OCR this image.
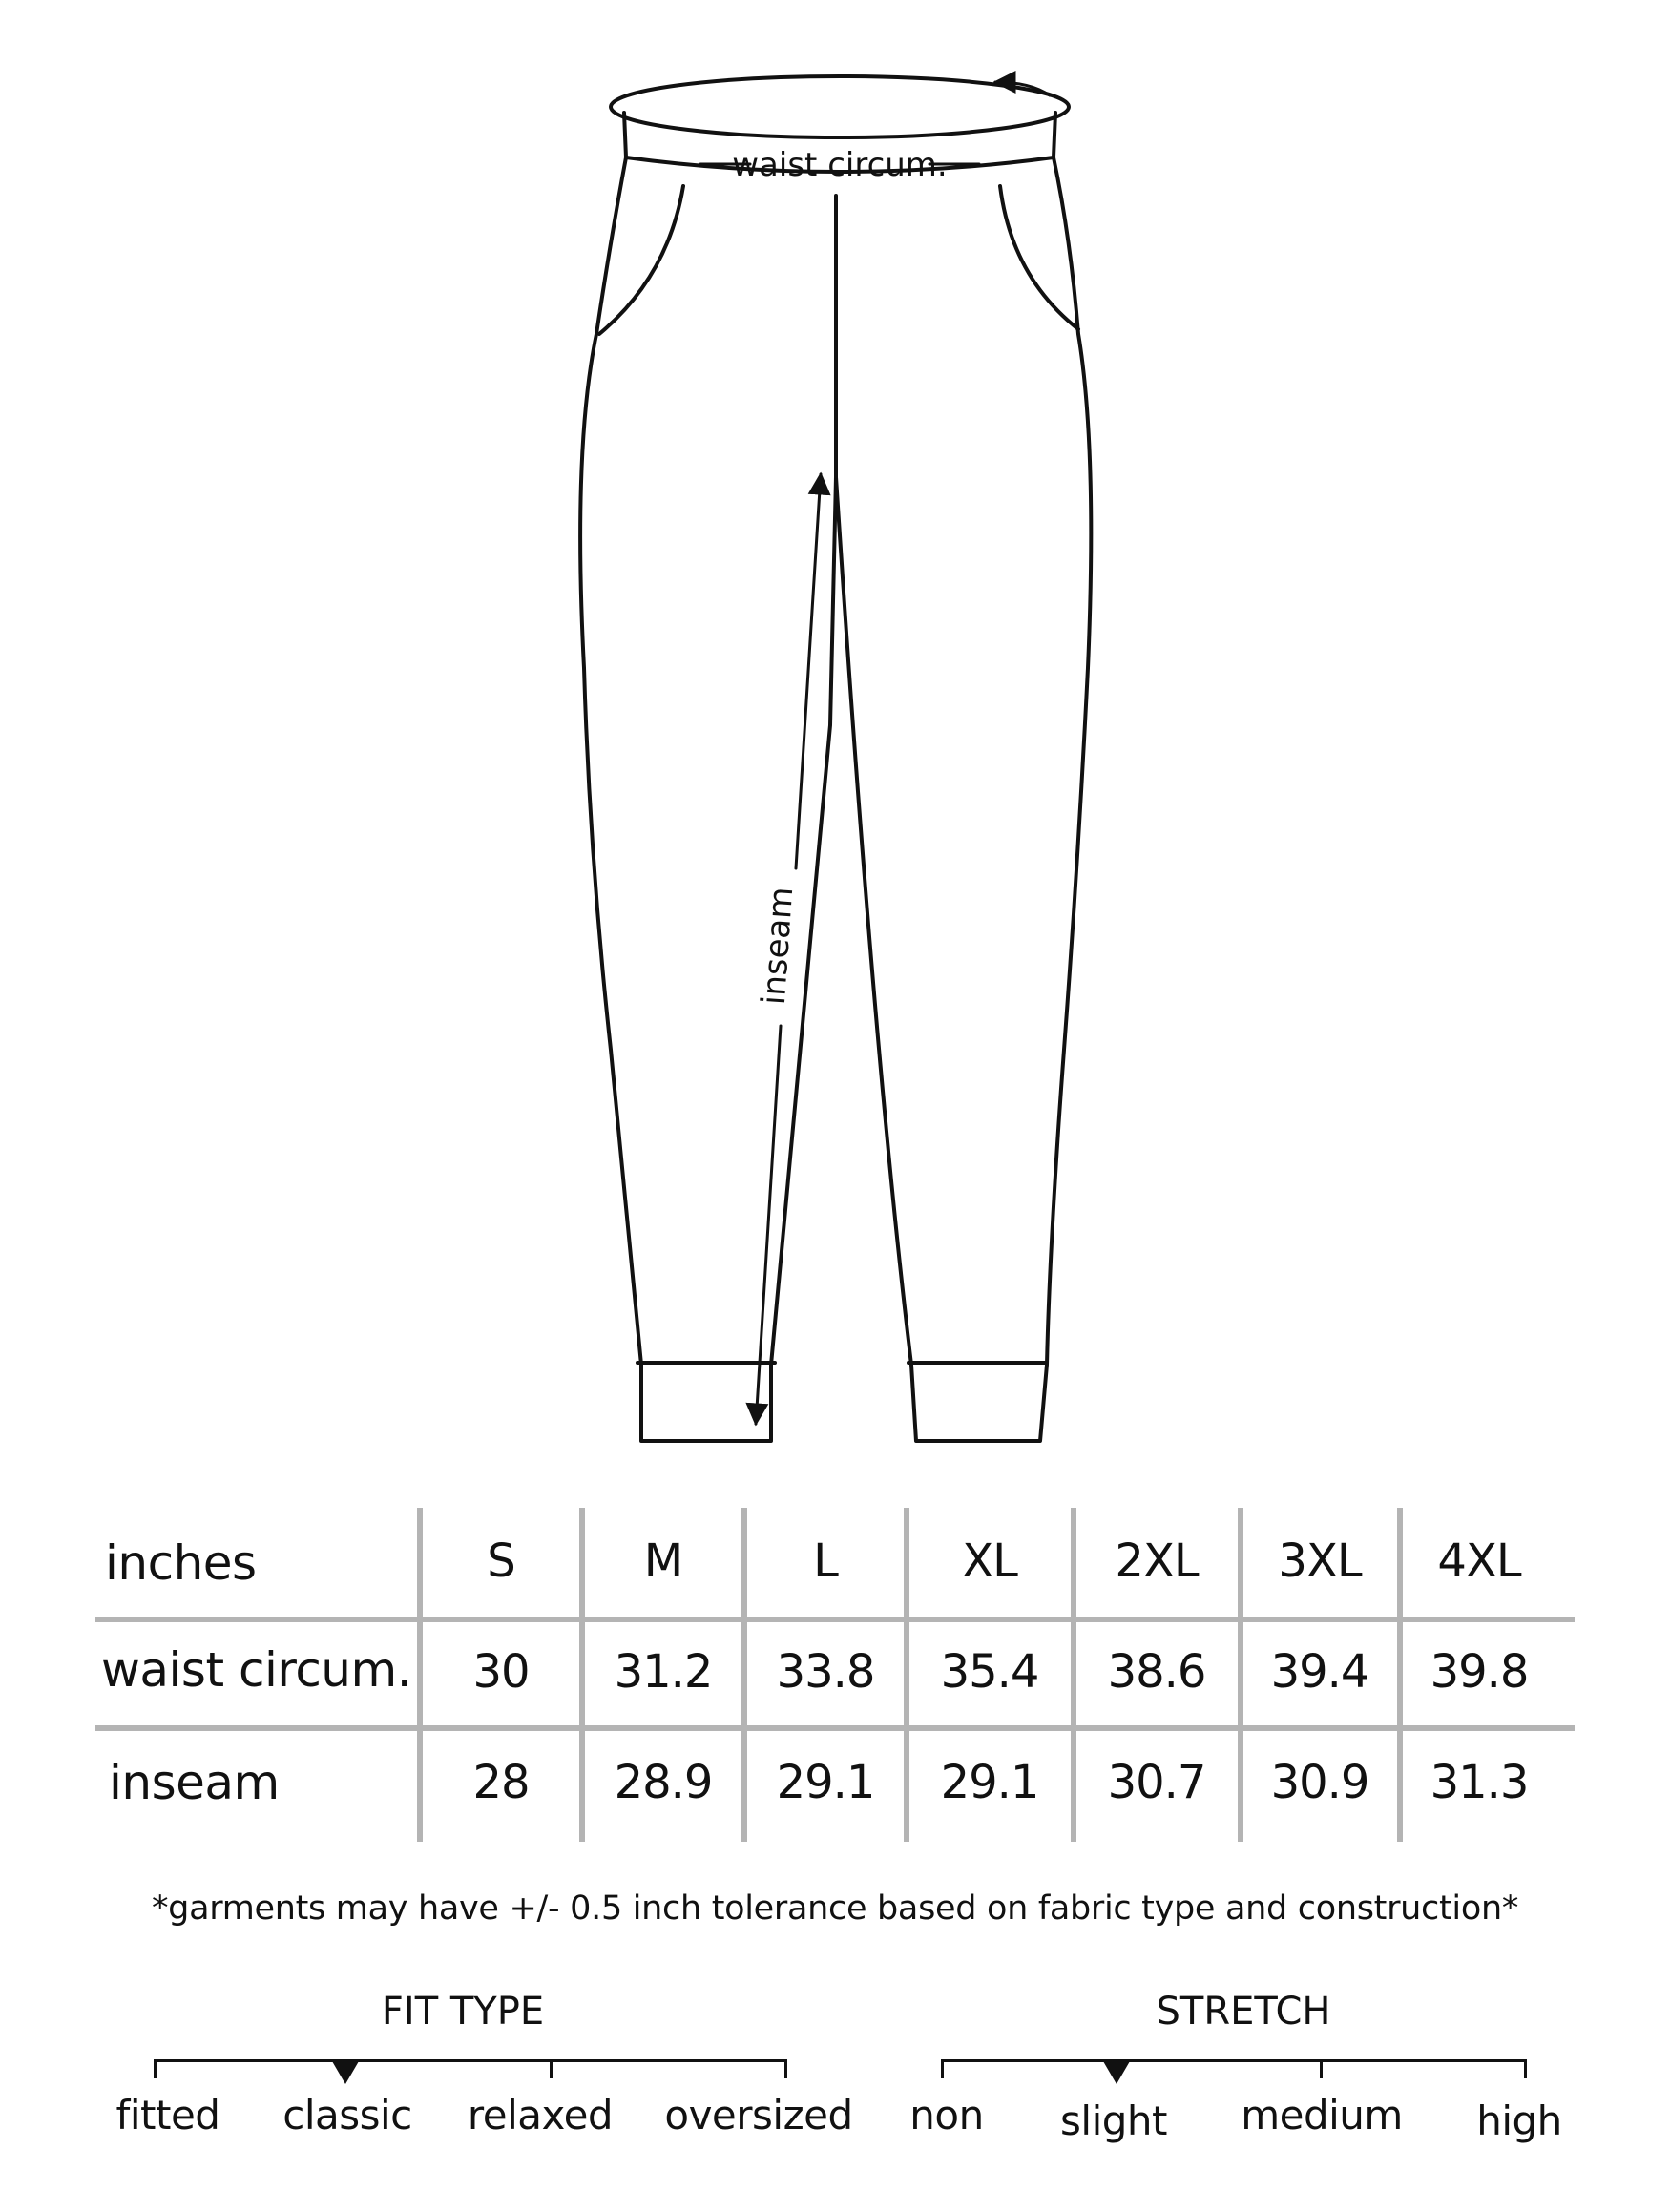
waist circum.
inseam
inches	S	M	L	XL 2XL 3XL 4XL
waist circum. 30 31.2 33.8 35.4 38.6 39.4 39.8
inseam	28 28.9 29.1 29.1 30.7 30.9 31.3
*garments may have +/- 0.5 inch tolerance based on fabric type and construction*
FIT TYPE
fitted classic relaxed oversized
STRETCH
non slight medium high
